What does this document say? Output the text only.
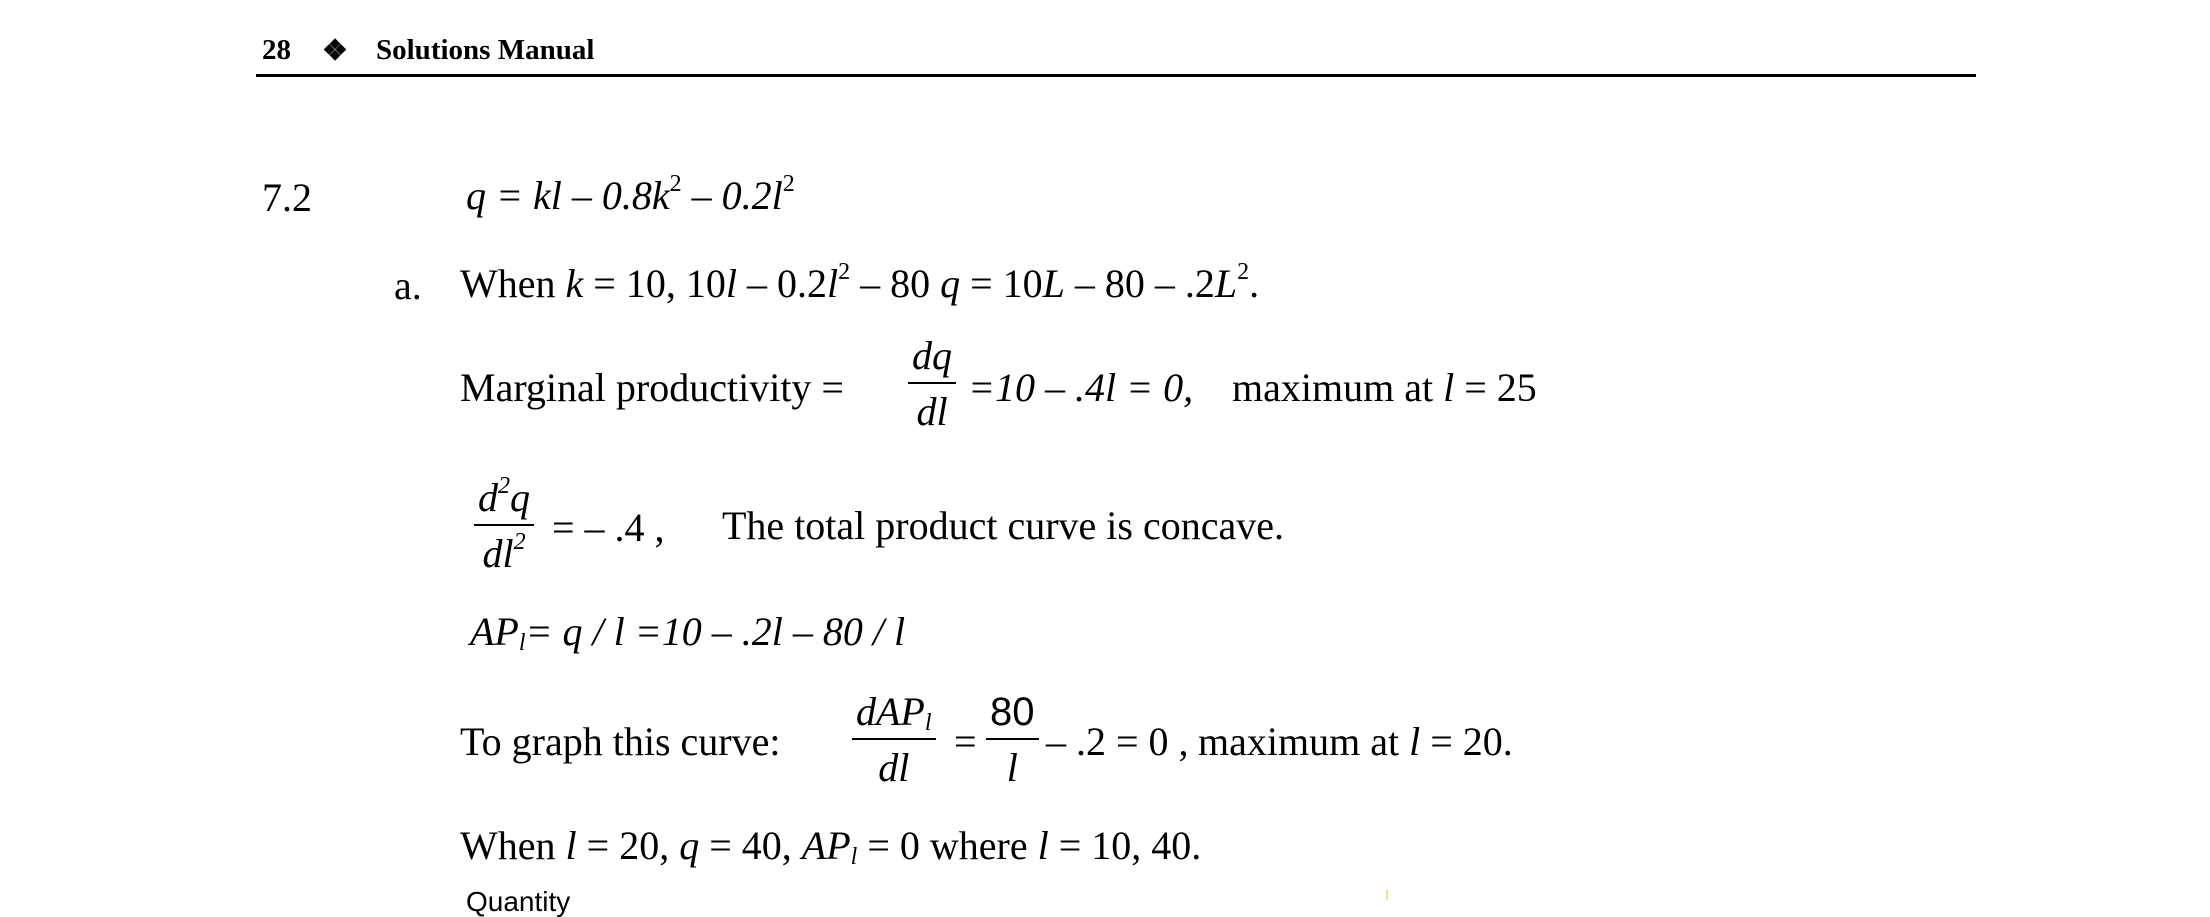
28 ❖ Solutions Manual
7.2	q = kl – $0.8k^2 - 0.2l^2$
a. When k = 10, $10l - 0.2l^2 - 80$ $q = 10L - 80 - .2L^2$.
Marginal productivity =
dq
dl
=10 – .4l = 0, maximum at l = 25
$d^2q$
$dl^2$ = – .4 , The total product curve is concave.
$AP_l= q / l =10 - .2l - 80 / l$
To graph this curve:
dAP$_l$
dl
=
80
l
– .2 = 0 , maximum at l = 20.
When l = 20, q = 40, $AP_l = 0$ where l = 10, 40.
Quantity
